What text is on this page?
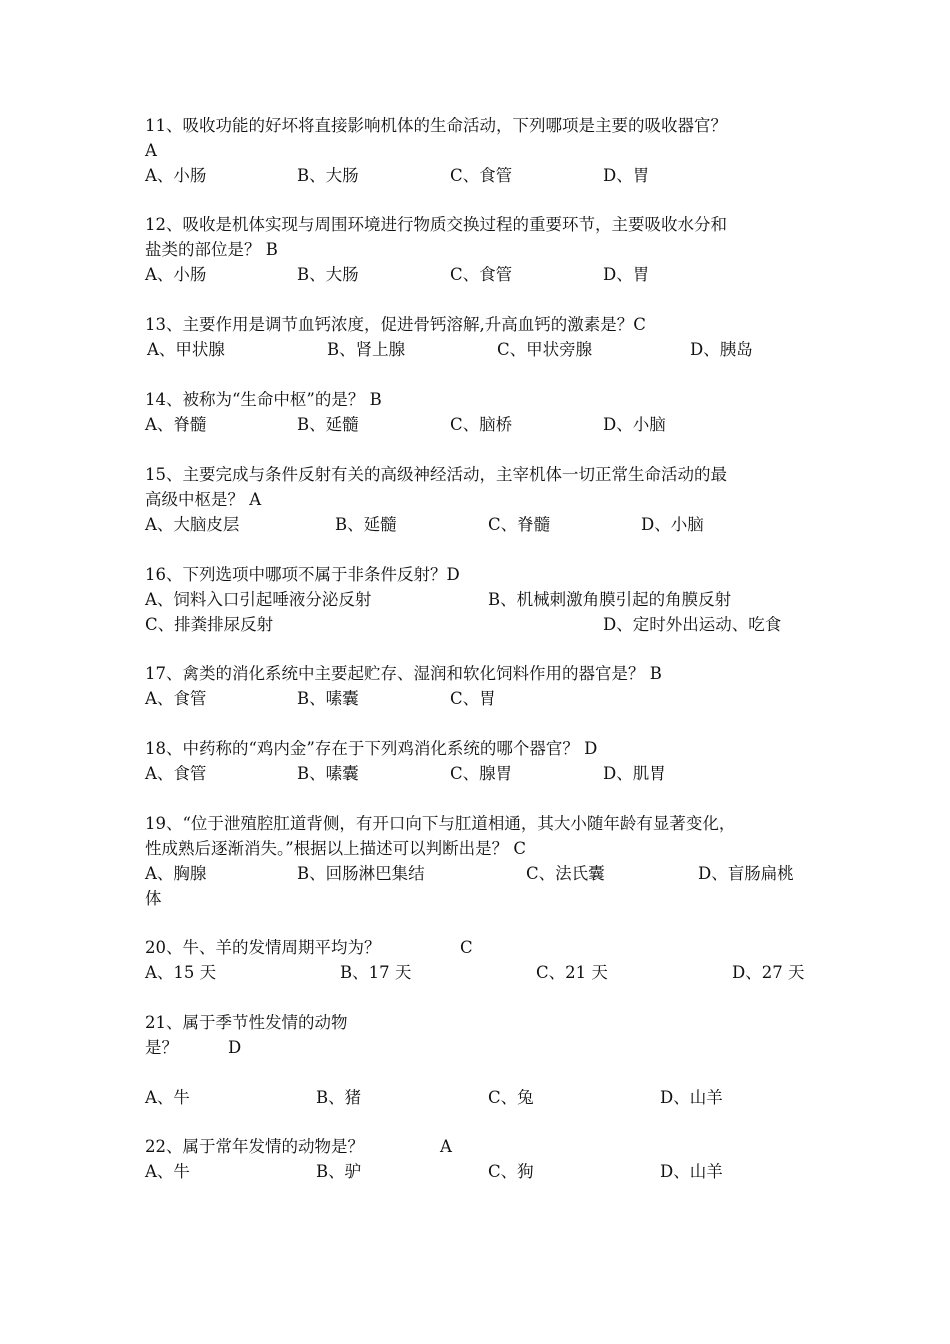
11、吸收功能的好坏将直接影响机体的生命活动，下列哪项是主要的吸收器官？
A
A、小肠	B、大肠	C、食管	D、胃
12、吸收是机体实现与周围环境进行物质交换过程的重要环节，主要吸收水分和
盐类的部位是？ B
A、小肠	B、大肠	C、食管	D、胃
13、主要作用是调节血钙浓度，促进骨钙溶解,升高血钙的激素是？C
A、甲状腺	B、肾上腺	C、甲状旁腺	D、胰岛
14、被称为“生命中枢”的是？ B
A、脊髓	B、延髓	C、脑桥	D、小脑
15、主要完成与条件反射有关的高级神经活动，主宰机体一切正常生命活动的最
高级中枢是？ A
A、大脑皮层	B、延髓	C、脊髓	D、小脑
16、下列选项中哪项不属于非条件反射？D
A、饲料入口引起唾液分泌反射	B、机械刺激角膜引起的角膜反射
C、排粪排尿反射	D、定时外出运动、吃食
17、禽类的消化系统中主要起贮存、湿润和软化饲料作用的器官是？ B
A、食管	B、嗉囊	C、胃
18、中药称的“鸡内金”存在于下列鸡消化系统的哪个器官？ D
A、食管	B、嗉囊	C、腺胃	D、肌胃
19、“位于泄殖腔肛道背侧，有开口向下与肛道相通，其大小随年龄有显著变化，
性成熟后逐渐消失。”根据以上描述可以判断出是？ C
A、胸腺	B、回肠淋巴集结	C、法氏囊	D、盲肠扁桃
体
20、牛、羊的发情周期平均为？	C
A、15 天	B、17 天	C、21 天	D、27 天
21、属于季节性发情的动物
是？	D
A、牛	B、猪	C、兔	D、山羊
22、属于常年发情的动物是？	A
A、牛	B、驴	C、狗	D、山羊
